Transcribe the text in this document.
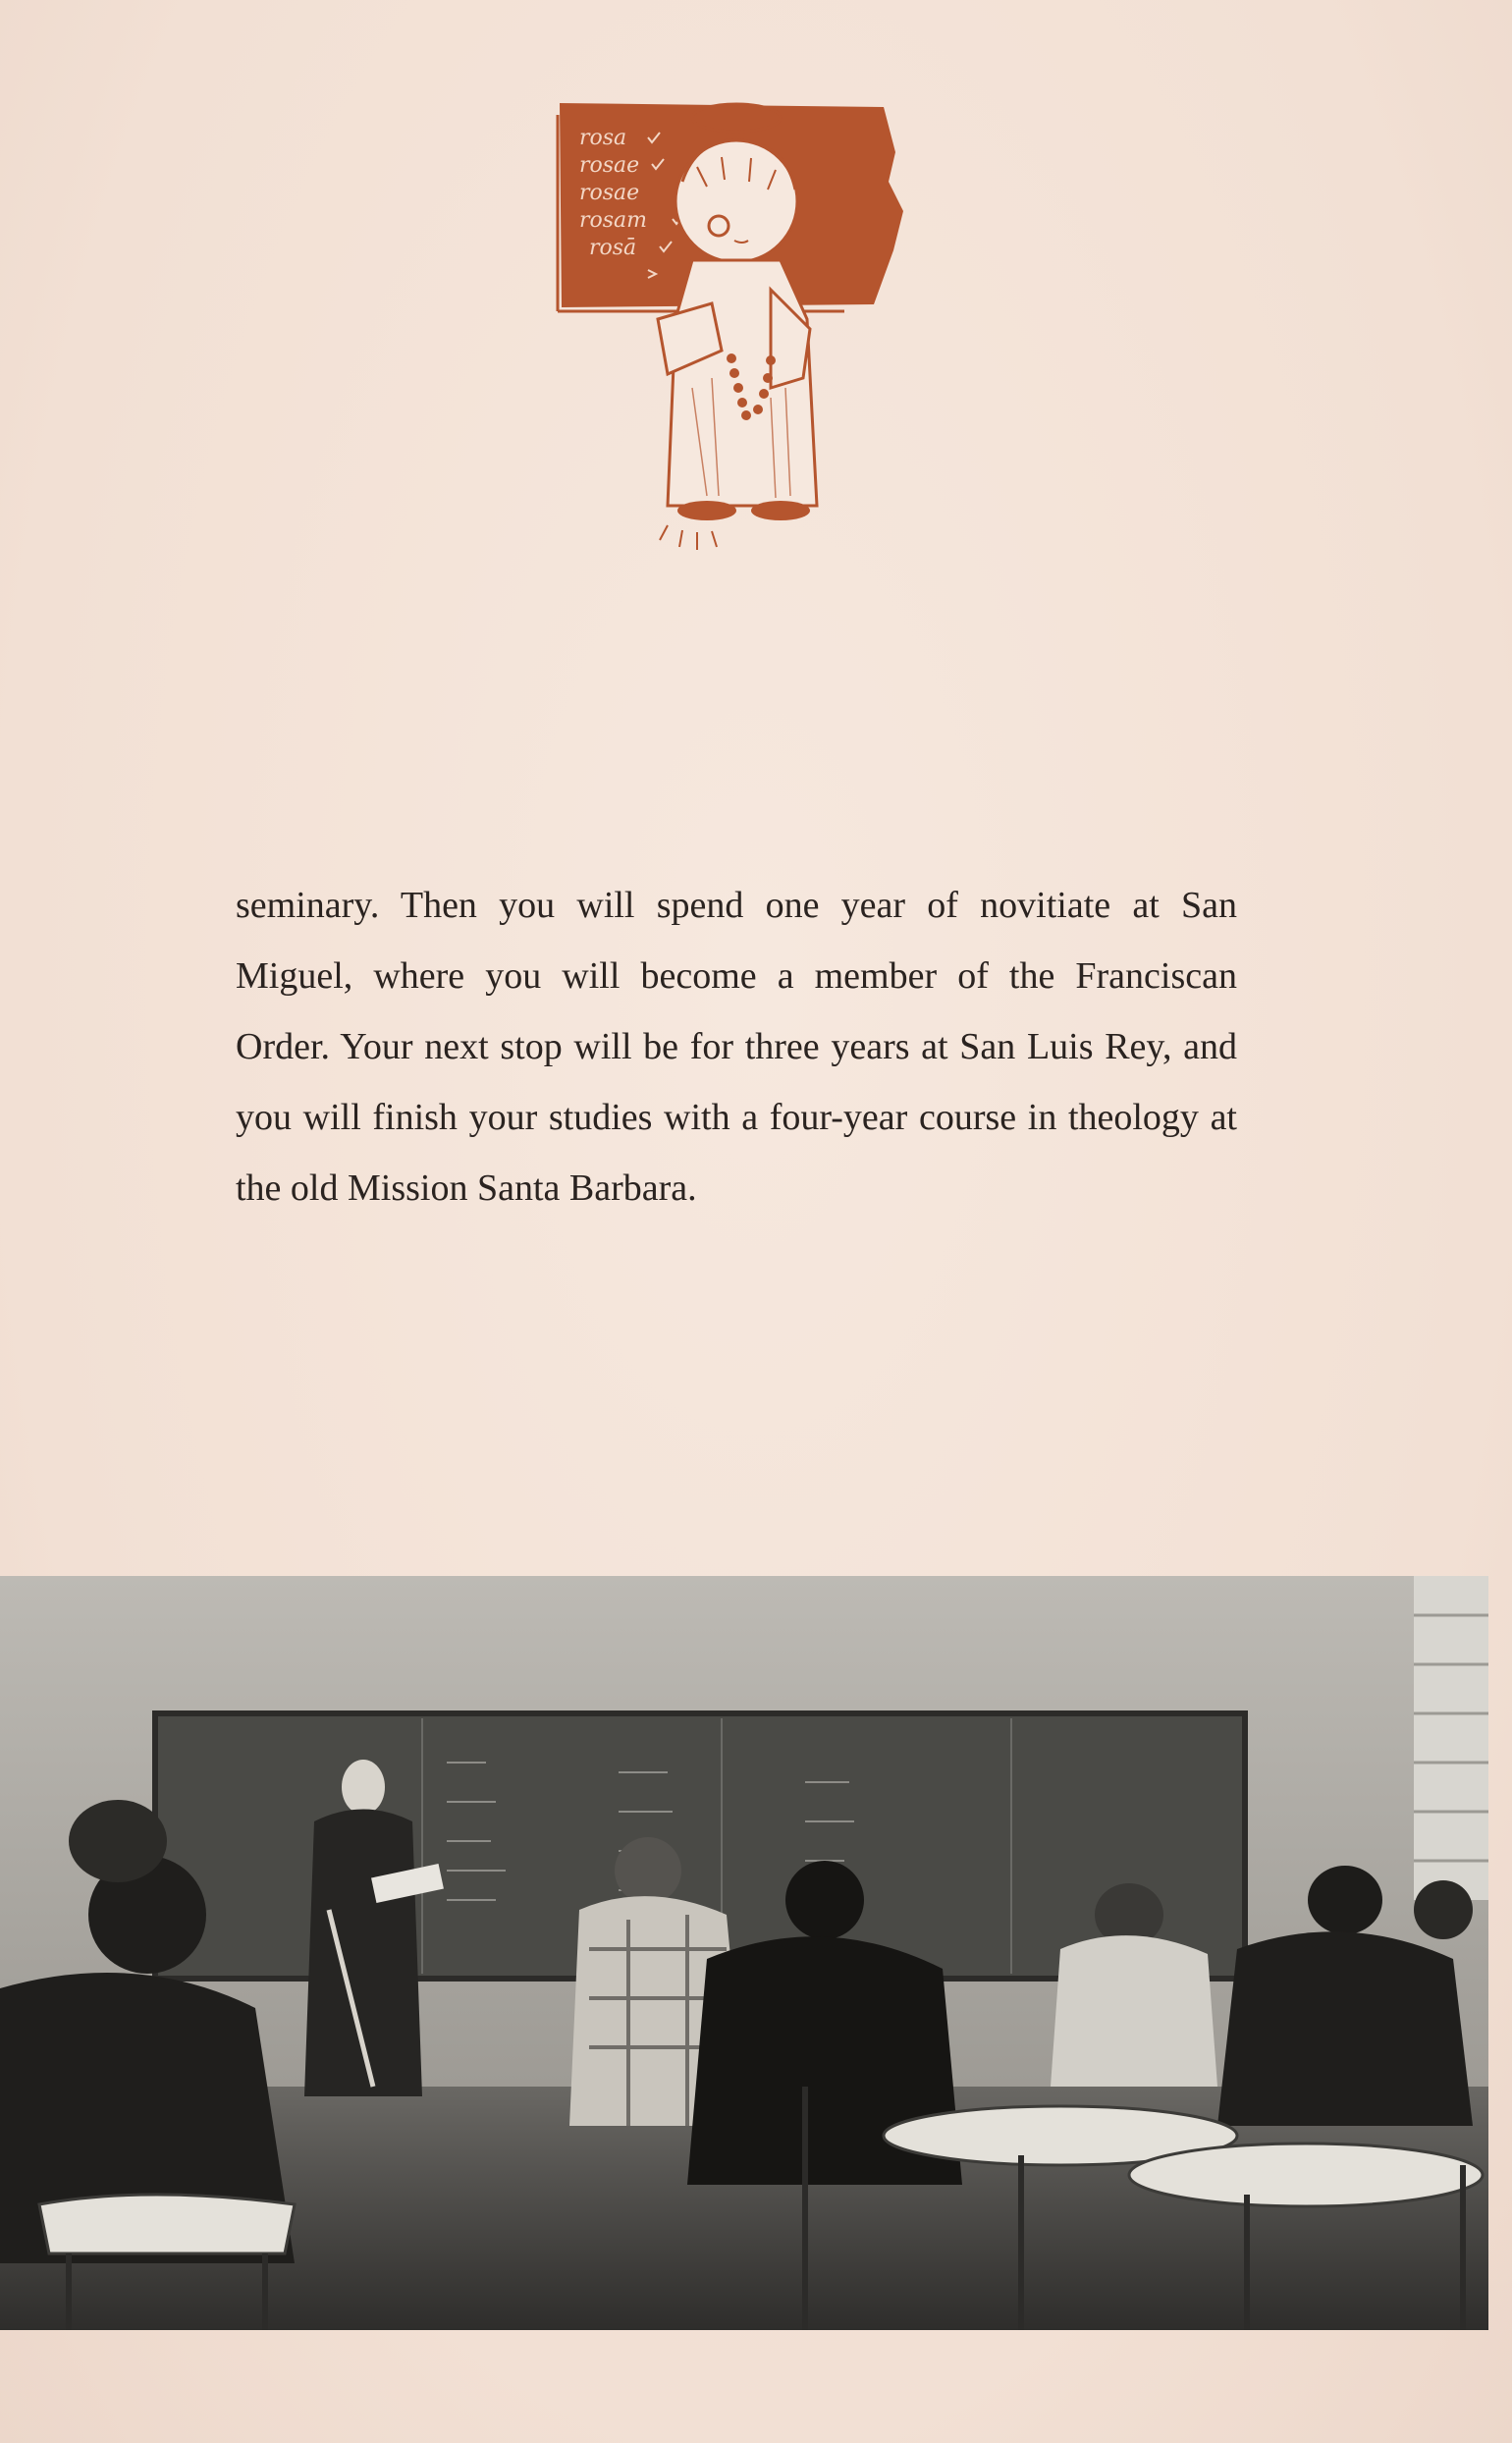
rosa
rosae
rosae
rosam
rosā

seminary. Then you will spend one year of novitiate at San Miguel, where you will become a member of the Franciscan Order. Your next stop will be for three years at San Luis Rey, and you will finish your studies with a four-year course in theology at the old Mission Santa Barbara.
